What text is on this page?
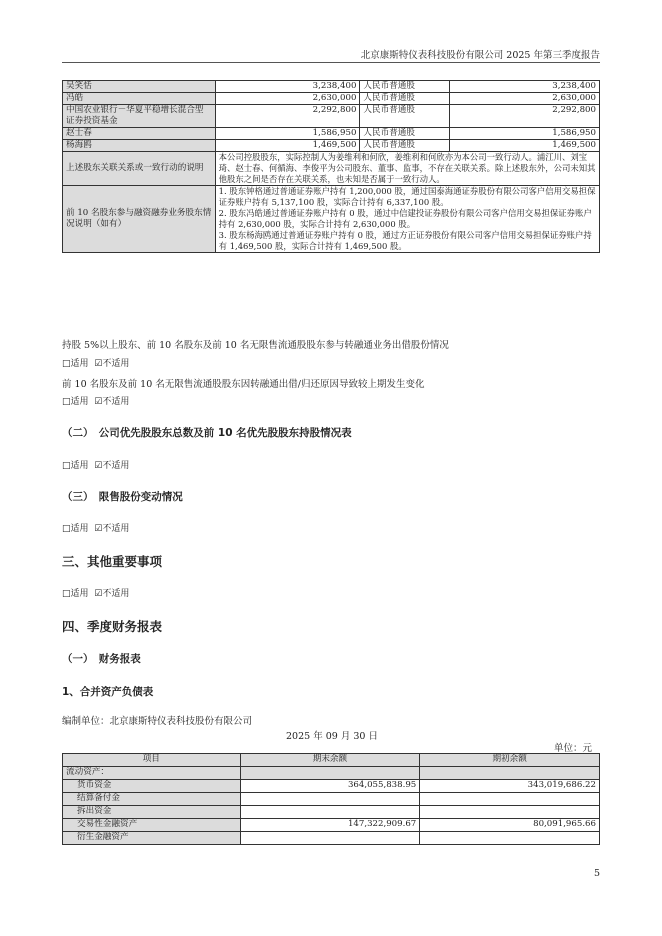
北京康斯特仪表科技股份有限公司 2025 年第三季度报告
吴笑恬	3,238,400	人民币普通股	3,238,400
冯皓	2,630,000	人民币普通股	2,630,000
中国农业银行－华夏平稳增长混合型证券投资基金	2,292,800	人民币普通股	2,292,800
赵士春	1,586,950	人民币普通股	1,586,950
杨海鸥	1,469,500	人民币普通股	1,469,500
上述股东关联关系或一致行动的说明	本公司控股股东，实际控制人为姜维利和何欣，姜维利和何欣亦为本公司一致行动人。浦江川、刘宝琦、赵士春、何循海、李俊平为公司股东、董事、监事，不存在关联关系。除上述股东外，公司未知其他股东之间是否存在关联关系，也未知是否属于一致行动人。		
前 10 名股东参与融资融券业务股东情况说明（如有）	1. 股东钟格通过普通证券账户持有 1,200,000 股，通过国泰海通证券股份有限公司客户信用交易担保证券账户持有 5,137,100 股，实际合计持有 6,337,100 股。
2. 股东冯皓通过普通证券账户持有 0 股，通过中信建投证券股份有限公司客户信用交易担保证券账户持有 2,630,000 股，实际合计持有 2,630,000 股。
3. 股东杨海鸥通过普通证券账户持有 0 股，通过方正证券股份有限公司客户信用交易担保证券账户持有 1,469,500 股，实际合计持有 1,469,500 股。		
持股 5%以上股东、前 10 名股东及前 10 名无限售流通股股东参与转融通业务出借股份情况
□适用 ☑不适用
前 10 名股东及前 10 名无限售流通股股东因转融通出借/归还原因导致较上期发生变化
□适用 ☑不适用
（二）　公司优先股股东总数及前 10 名优先股股东持股情况表
□适用 ☑不适用
（三）　限售股份变动情况
□适用 ☑不适用
三、其他重要事项
□适用 ☑不适用
四、季度财务报表
（一）　财务报表
1、合并资产负债表
编制单位：北京康斯特仪表科技股份有限公司
2025 年 09 月 30 日
单位：元
项目	期末余额	期初余额
流动资产：		
货币资金	364,055,838.95	343,019,686.22
结算备付金		
拆出资金		
交易性金融资产	147,322,909.67	80,091,965.66
衍生金融资产		
5
